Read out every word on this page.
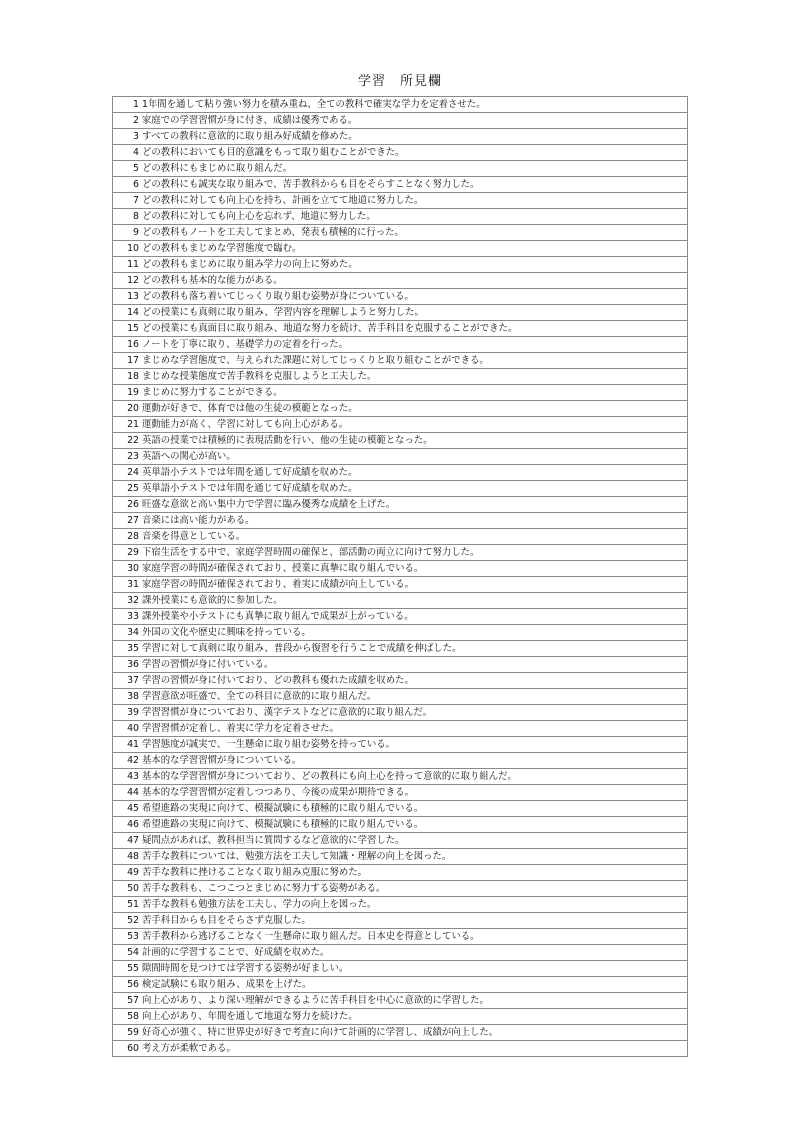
学習　所見欄
1	1年間を通して粘り強い努力を積み重ね、全ての教科で確実な学力を定着させた。
2	家庭での学習習慣が身に付き、成績は優秀である。
3	すべての教科に意欲的に取り組み好成績を修めた。
4	どの教科においても目的意識をもって取り組むことができた。
5	どの教科にもまじめに取り組んだ。
6	どの教科にも誠実な取り組みで、苦手教科からも目をそらすことなく努力した。
7	どの教科に対しても向上心を持ち、計画を立てて地道に努力した。
8	どの教科に対しても向上心を忘れず、地道に努力した。
9	どの教科もノートを工夫してまとめ、発表も積極的に行った。
10	どの教科もまじめな学習態度で臨む。
11	どの教科もまじめに取り組み学力の向上に努めた。
12	どの教科も基本的な能力がある。
13	どの教科も落ち着いてじっくり取り組む姿勢が身についている。
14	どの授業にも真剣に取り組み、学習内容を理解しようと努力した。
15	どの授業にも真面目に取り組み、地道な努力を続け、苦手科目を克服することができた。
16	ノートを丁寧に取り、基礎学力の定着を行った。
17	まじめな学習態度で、与えられた課題に対してじっくりと取り組むことができる。
18	まじめな授業態度で苦手教科を克服しようと工夫した。
19	まじめに努力することができる。
20	運動が好きで、体育では他の生徒の模範となった。
21	運動能力が高く、学習に対しても向上心がある。
22	英語の授業では積極的に表現活動を行い、他の生徒の模範となった。
23	英語への関心が高い。
24	英単語小テストでは年間を通して好成績を収めた。
25	英単語小テストでは年間を通じて好成績を収めた。
26	旺盛な意欲と高い集中力で学習に臨み優秀な成績を上げた。
27	音楽には高い能力がある。
28	音楽を得意としている。
29	下宿生活をする中で、家庭学習時間の確保と、部活動の両立に向けて努力した。
30	家庭学習の時間が確保されており、授業に真摯に取り組んでいる。
31	家庭学習の時間が確保されており、着実に成績が向上している。
32	課外授業にも意欲的に参加した。
33	課外授業や小テストにも真摯に取り組んで成果が上がっている。
34	外国の文化や歴史に興味を持っている。
35	学習に対して真剣に取り組み、普段から復習を行うことで成績を伸ばした。
36	学習の習慣が身に付いている。
37	学習の習慣が身に付いており、どの教科も優れた成績を収めた。
38	学習意欲が旺盛で、全ての科目に意欲的に取り組んだ。
39	学習習慣が身についており、漢字テストなどに意欲的に取り組んだ。
40	学習習慣が定着し、着実に学力を定着させた。
41	学習態度が誠実で、一生懸命に取り組む姿勢を持っている。
42	基本的な学習習慣が身についている。
43	基本的な学習習慣が身についており、どの教科にも向上心を持って意欲的に取り組んだ。
44	基本的な学習習慣が定着しつつあり、今後の成果が期待できる。
45	希望進路の実現に向けて、模擬試験にも積極的に取り組んでいる。
46	希望進路の実現に向けて、模擬試験にも積極的に取り組んでいる。
47	疑問点があれば、教科担当に質問するなど意欲的に学習した。
48	苦手な教科については、勉強方法を工夫して知識・理解の向上を図った。
49	苦手な教科に挫けることなく取り組み克服に努めた。
50	苦手な教科も、こつこつとまじめに努力する姿勢がある。
51	苦手な教科も勉強方法を工夫し、学力の向上を図った。
52	苦手科目からも目をそらさず克服した。
53	苦手教科から逃げることなく一生懸命に取り組んだ。日本史を得意としている。
54	計画的に学習することで、好成績を収めた。
55	隙間時間を見つけては学習する姿勢が好ましい。
56	検定試験にも取り組み、成果を上げた。
57	向上心があり、より深い理解ができるように苦手科目を中心に意欲的に学習した。
58	向上心があり、年間を通して地道な努力を続けた。
59	好奇心が強く、特に世界史が好きで考査に向けて計画的に学習し、成績が向上した。
60	考え方が柔軟である。
